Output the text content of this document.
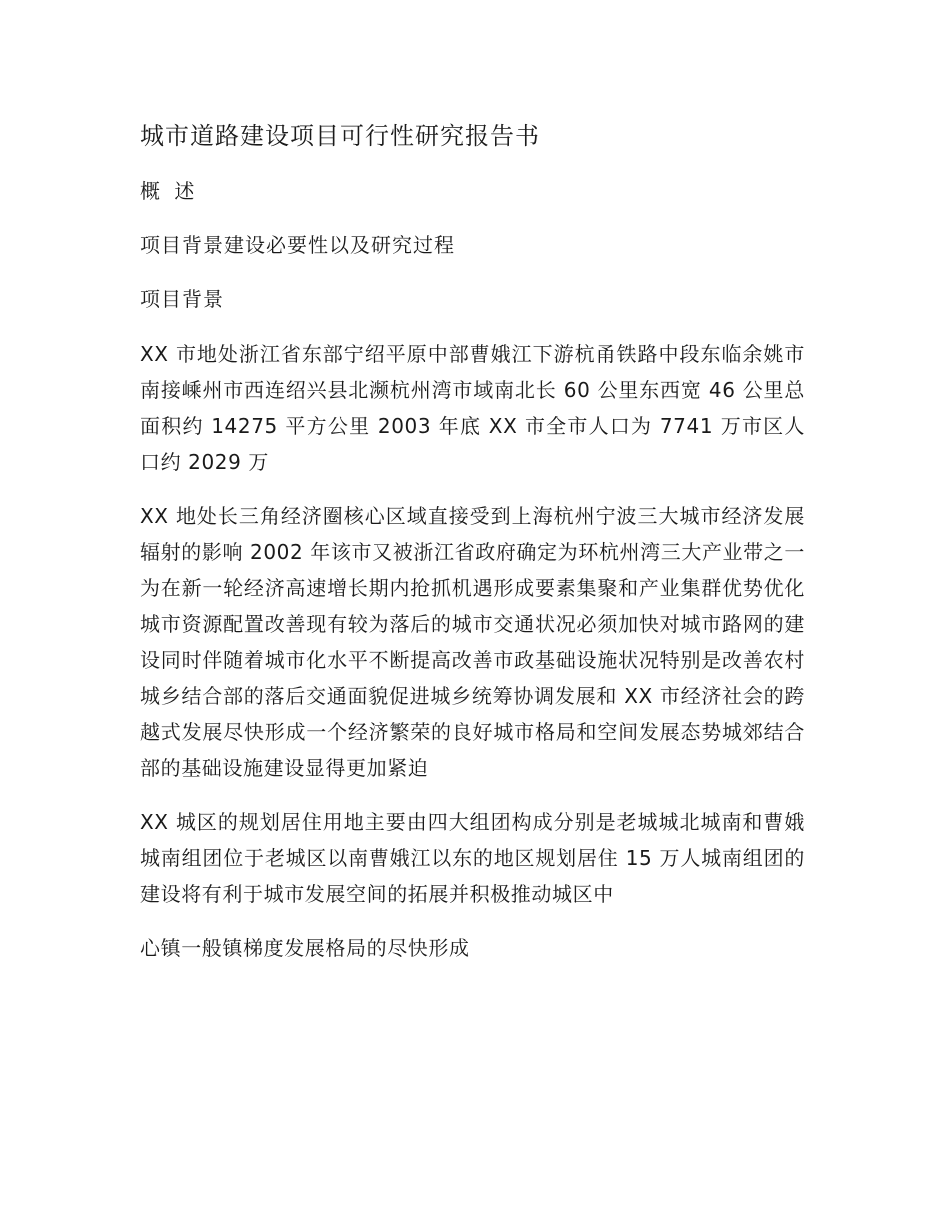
城市道路建设项目可行性研究报告书
概 述
项目背景建设必要性以及研究过程
项目背景

XX 市地处浙江省东部宁绍平原中部曹娥江下游杭甬铁路中段东临余姚市南接嵊州市西连绍兴县北濒杭州湾市域南北长 60 公里东西宽 46 公里总面积约 14275 平方公里 2003 年底 XX 市全市人口为 7741 万市区人口约 2029 万

XX 地处长三角经济圈核心区域直接受到上海杭州宁波三大城市经济发展辐射的影响 2002 年该市又被浙江省政府确定为环杭州湾三大产业带之一为在新一轮经济高速增长期内抢抓机遇形成要素集聚和产业集群优势优化城市资源配置改善现有较为落后的城市交通状况必须加快对城市路网的建设同时伴随着城市化水平不断提高改善市政基础设施状况特别是改善农村城乡结合部的落后交通面貌促进城乡统筹协调发展和 XX 市经济社会的跨越式发展尽快形成一个经济繁荣的良好城市格局和空间发展态势城郊结合部的基础设施建设显得更加紧迫

XX 城区的规划居住用地主要由四大组团构成分别是老城城北城南和曹娥城南组团位于老城区以南曹娥江以东的地区规划居住 15 万人城南组团的建设将有利于城市发展空间的拓展并积极推动城区中

心镇一般镇梯度发展格局的尽快形成
